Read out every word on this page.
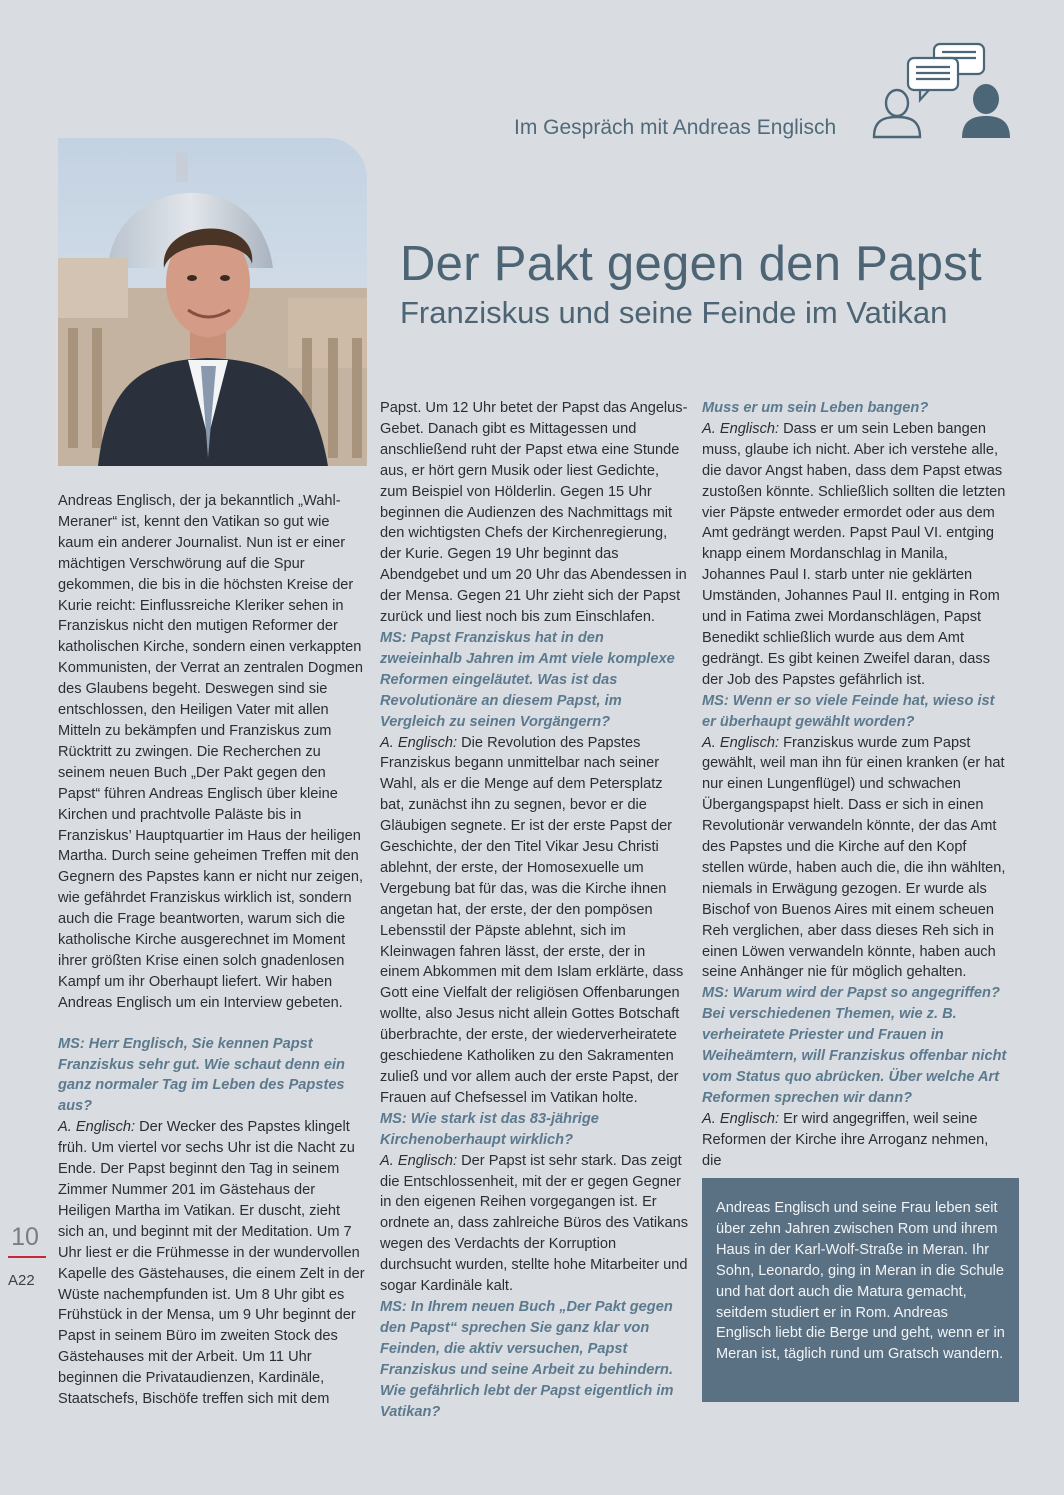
Im Gespräch mit Andreas Englisch
Der Pakt gegen den Papst
Franziskus und seine Feinde im Vatikan

Andreas Englisch, der ja bekanntlich „Wahl-Meraner“ ist, kennt den Vatikan so gut wie kaum ein anderer Journalist. Nun ist er einer mächtigen Verschwörung auf die Spur gekommen, die bis in die höchsten Kreise der Kurie reicht: Einflussreiche Kleriker sehen in Franziskus nicht den mutigen Reformer der katholischen Kirche, sondern einen verkappten Kommunisten, der Verrat an zentralen Dogmen des Glaubens begeht. Deswegen sind sie entschlossen, den Heiligen Vater mit allen Mitteln zu bekämpfen und Franziskus zum Rücktritt zu zwingen. Die Recherchen zu seinem neuen Buch „Der Pakt gegen den Papst“ führen Andreas Englisch über kleine Kirchen und prachtvolle Paläste bis in Franziskus’ Hauptquartier im Haus der heiligen Martha. Durch seine geheimen Treffen mit den Gegnern des Papstes kann er nicht nur zeigen, wie gefährdet Franziskus wirklich ist, sondern auch die Frage beantworten, warum sich die katholische Kirche ausgerechnet im Moment ihrer größten Krise einen solch gnadenlosen Kampf um ihr Oberhaupt liefert. Wir haben Andreas Englisch um ein Interview gebeten.

MS: Herr Englisch, Sie kennen Papst Franziskus sehr gut. Wie schaut denn ein ganz normaler Tag im Leben des Papstes aus?

A. Englisch: Der Wecker des Papstes klingelt früh. Um viertel vor sechs Uhr ist die Nacht zu Ende. Der Papst beginnt den Tag in seinem Zimmer Nummer 201 im Gästehaus der Heiligen Martha im Vatikan. Er duscht, zieht sich an, und beginnt mit der Meditation. Um 7 Uhr liest er die Frühmesse in der wundervollen Kapelle des Gästehauses, die einem Zelt in der Wüste nachempfunden ist. Um 8 Uhr gibt es Frühstück in der Mensa, um 9 Uhr beginnt der Papst in seinem Büro im zweiten Stock des Gästehauses mit der Arbeit. Um 11 Uhr beginnen die Privataudienzen, Kardinäle, Staatschefs, Bischöfe treffen sich mit dem

Papst. Um 12 Uhr betet der Papst das Angelus-Gebet. Danach gibt es Mittagessen und anschließend ruht der Papst etwa eine Stunde aus, er hört gern Musik oder liest Gedichte, zum Beispiel von Hölderlin. Gegen 15 Uhr beginnen die Audienzen des Nachmittags mit den wichtigsten Chefs der Kirchenregierung, der Kurie. Gegen 19 Uhr beginnt das Abendgebet und um 20 Uhr das Abendessen in der Mensa. Gegen 21 Uhr zieht sich der Papst zurück und liest noch bis zum Einschlafen.

MS: Papst Franziskus hat in den zweieinhalb Jahren im Amt viele komplexe Reformen eingeläutet. Was ist das Revolutionäre an diesem Papst, im Vergleich zu seinen Vorgängern?

A. Englisch: Die Revolution des Papstes Franziskus begann unmittelbar nach seiner Wahl, als er die Menge auf dem Petersplatz bat, zunächst ihn zu segnen, bevor er die Gläubigen segnete. Er ist der erste Papst der Geschichte, der den Titel Vikar Jesu Christi ablehnt, der erste, der Homosexuelle um Vergebung bat für das, was die Kirche ihnen angetan hat, der erste, der den pompösen Lebensstil der Päpste ablehnt, sich im Kleinwagen fahren lässt, der erste, der in einem Abkommen mit dem Islam erklärte, dass Gott eine Vielfalt der religiösen Offenbarungen wollte, also Jesus nicht allein Gottes Botschaft überbrachte, der erste, der wiederverheiratete geschiedene Katholiken zu den Sakramenten zuließ und vor allem auch der erste Papst, der Frauen auf Chefsessel im Vatikan holte.

MS: Wie stark ist das 83-jährige Kirchenoberhaupt wirklich?

A. Englisch: Der Papst ist sehr stark. Das zeigt die Entschlossenheit, mit der er gegen Gegner in den eigenen Reihen vorgegangen ist. Er ordnete an, dass zahlreiche Büros des Vatikans wegen des Verdachts der Korruption durchsucht wurden, stellte hohe Mitarbeiter und sogar Kardinäle kalt.

MS: In Ihrem neuen Buch „Der Pakt gegen den Papst“ sprechen Sie ganz klar von Feinden, die aktiv versuchen, Papst Franziskus und seine Arbeit zu behindern. Wie gefährlich lebt der Papst eigentlich im Vatikan?

Muss er um sein Leben bangen?

A. Englisch: Dass er um sein Leben bangen muss, glaube ich nicht. Aber ich verstehe alle, die davor Angst haben, dass dem Papst etwas zustoßen könnte. Schließlich sollten die letzten vier Päpste entweder ermordet oder aus dem Amt gedrängt werden. Papst Paul VI. entging knapp einem Mordanschlag in Manila, Johannes Paul I. starb unter nie geklärten Umständen, Johannes Paul II. entging in Rom und in Fatima zwei Mordanschlägen, Papst Benedikt schließlich wurde aus dem Amt gedrängt. Es gibt keinen Zweifel daran, dass der Job des Papstes gefährlich ist.

MS: Wenn er so viele Feinde hat, wieso ist er überhaupt gewählt worden?

A. Englisch: Franziskus wurde zum Papst gewählt, weil man ihn für einen kranken (er hat nur einen Lungenflügel) und schwachen Übergangspapst hielt. Dass er sich in einen Revolutionär verwandeln könnte, der das Amt des Papstes und die Kirche auf den Kopf stellen würde, haben auch die, die ihn wählten, niemals in Erwägung gezogen. Er wurde als Bischof von Buenos Aires mit einem scheuen Reh verglichen, aber dass dieses Reh sich in einen Löwen verwandeln könnte, haben auch seine Anhänger nie für möglich gehalten.

MS: Warum wird der Papst so angegriffen? Bei verschiedenen Themen, wie z. B. verheiratete Priester und Frauen in Weiheämtern, will Franziskus offenbar nicht vom Status quo abrücken. Über welche Art Reformen sprechen wir dann?

A. Englisch: Er wird angegriffen, weil seine Reformen der Kirche ihre Arroganz nehmen, die

Andreas Englisch und seine Frau leben seit über zehn Jahren zwischen Rom und ihrem Haus in der Karl-Wolf-Straße in Meran. Ihr Sohn, Leonardo, ging in Meran in die Schule und hat dort auch die Matura gemacht, seitdem studiert er in Rom. Andreas Englisch liebt die Berge und geht, wenn er in Meran ist, täglich rund um Gratsch wandern.
10
A22
